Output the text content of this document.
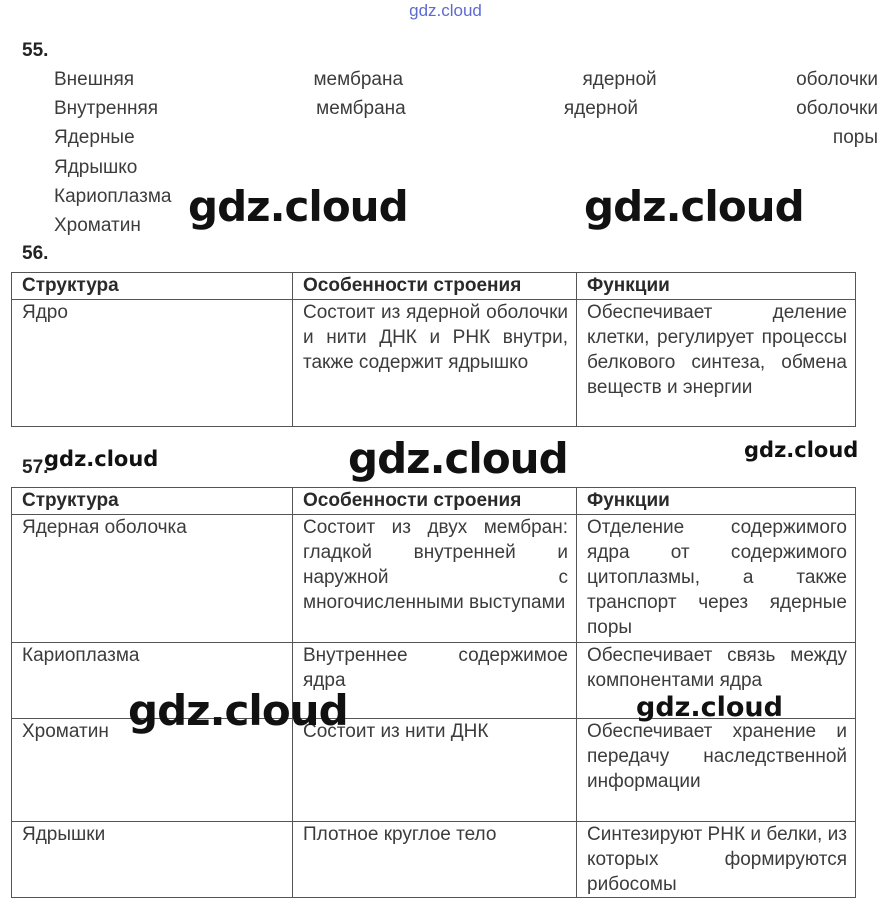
gdz.cloud
55.
Внешняя	мембрана	ядерной	оболочки
Внутренняя	мембрана	ядерной	оболочки
Ядерные	поры
Ядрышко
Кариоплазма
Хроматин
56.
Структура	Особенности строения	Функции
Ядро	Состоит из ядерной оболочки и нити ДНК и РНК внутри, также содержит ядрышко	Обеспечивает деление клетки, регулирует процессы белкового синтеза, обмена веществ и энергии
57.
Структура	Особенности строения	Функции
Ядерная оболочка	Состоит из двух мембран: гладкой внутренней и наружной с многочисленными выступами	Отделение содержимого ядра от содержимого цитоплазмы, а также транспорт через ядерные поры
Кариоплазма	Внутреннее содержимое ядра	Обеспечивает связь между компонентами ядра
Хроматин	Состоит из нити ДНК	Обеспечивает хранение и передачу наследственной информации
Ядрышки	Плотное круглое тело	Синтезируют РНК и белки, из которых формируются рибосомы
gdz.cloud	gdz.cloud
gdz.cloud
gdz.cloud	gdz.cloud
gdz.cloud	gdz.cloud
